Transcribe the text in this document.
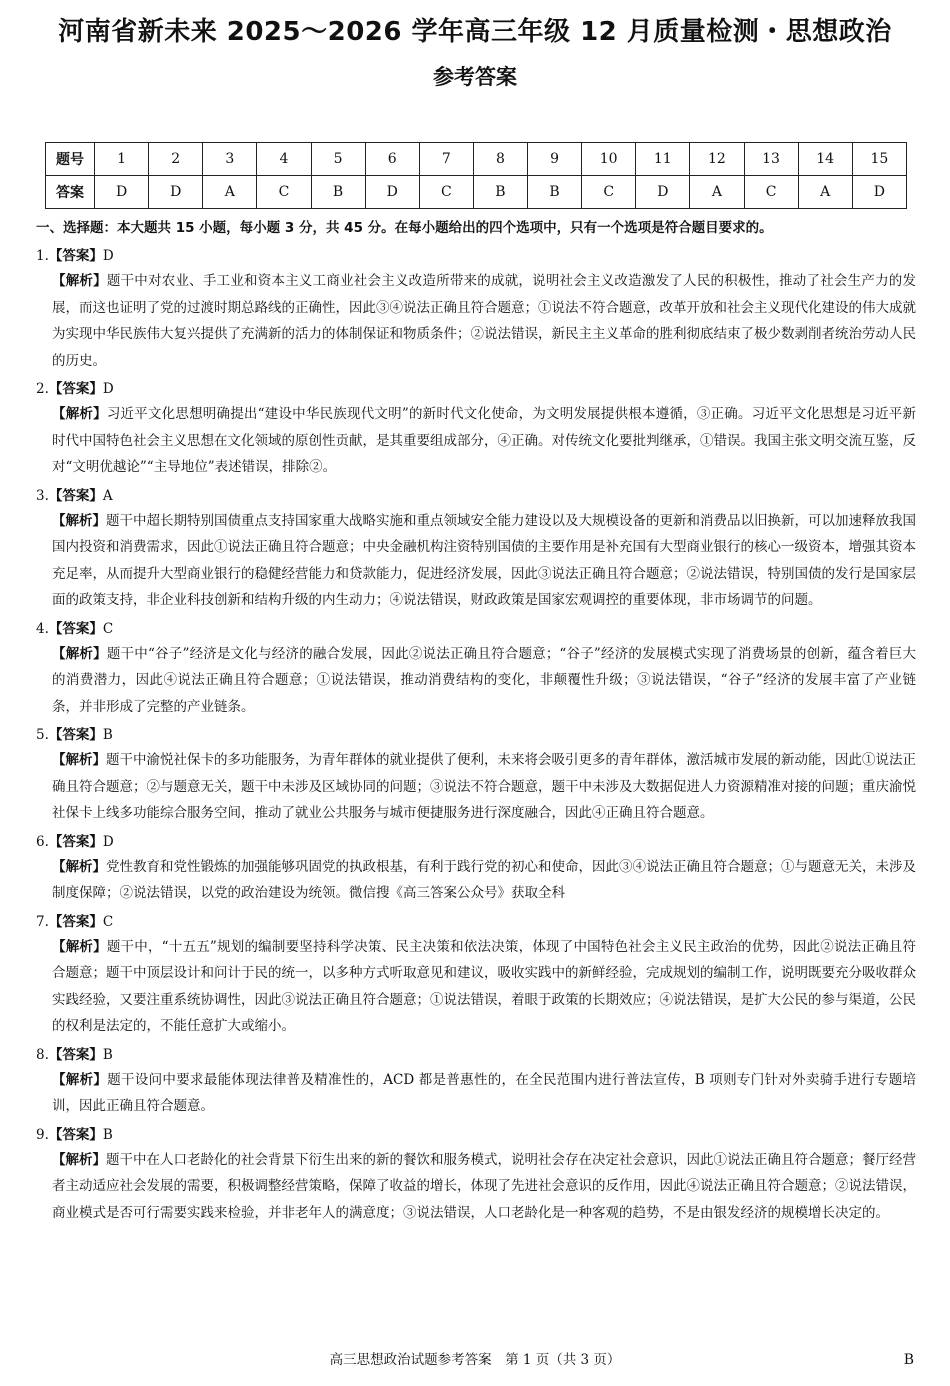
河南省新未来 2025～2026 学年高三年级 12 月质量检测・思想政治
参考答案
题号	1	2	3	4	5	6	7	8	9	10	11	12	13	14	15
答案	D	D	A	C	B	D	C	B	B	C	D	A	C	A	D
一、选择题：本大题共 15 小题，每小题 3 分，共 45 分。在每小题给出的四个选项中，只有一个选项是符合题目要求的。
1.【答案】D
【解析】题干中对农业、手工业和资本主义工商业社会主义改造所带来的成就，说明社会主义改造激发了人民的积极性，推动了社会生产力的发展，而这也证明了党的过渡时期总路线的正确性，因此③④说法正确且符合题意；①说法不符合题意，改革开放和社会主义现代化建设的伟大成就为实现中华民族伟大复兴提供了充满新的活力的体制保证和物质条件；②说法错误，新民主主义革命的胜利彻底结束了极少数剥削者统治劳动人民的历史。
2.【答案】D
【解析】习近平文化思想明确提出“建设中华民族现代文明”的新时代文化使命，为文明发展提供根本遵循，③正确。习近平文化思想是习近平新时代中国特色社会主义思想在文化领域的原创性贡献，是其重要组成部分，④正确。对传统文化要批判继承，①错误。我国主张文明交流互鉴，反对“文明优越论”“主导地位”表述错误，排除②。
3.【答案】A
【解析】题干中超长期特别国债重点支持国家重大战略实施和重点领域安全能力建设以及大规模设备的更新和消费品以旧换新，可以加速释放我国国内投资和消费需求，因此①说法正确且符合题意；中央金融机构注资特别国债的主要作用是补充国有大型商业银行的核心一级资本，增强其资本充足率，从而提升大型商业银行的稳健经营能力和贷款能力，促进经济发展，因此③说法正确且符合题意；②说法错误，特别国债的发行是国家层面的政策支持，非企业科技创新和结构升级的内生动力；④说法错误，财政政策是国家宏观调控的重要体现，非市场调节的问题。
4.【答案】C
【解析】题干中“谷子”经济是文化与经济的融合发展，因此②说法正确且符合题意；“谷子”经济的发展模式实现了消费场景的创新，蕴含着巨大的消费潜力，因此④说法正确且符合题意；①说法错误，推动消费结构的变化，非颠覆性升级；③说法错误，“谷子”经济的发展丰富了产业链条，并非形成了完整的产业链条。
5.【答案】B
【解析】题干中渝悦社保卡的多功能服务，为青年群体的就业提供了便利，未来将会吸引更多的青年群体，激活城市发展的新动能，因此①说法正确且符合题意；②与题意无关，题干中未涉及区域协同的问题；③说法不符合题意，题干中未涉及大数据促进人力资源精准对接的问题；重庆渝悦社保卡上线多功能综合服务空间，推动了就业公共服务与城市便捷服务进行深度融合，因此④正确且符合题意。
6.【答案】D
【解析】党性教育和党性锻炼的加强能够巩固党的执政根基，有利于践行党的初心和使命，因此③④说法正确且符合题意；①与题意无关，未涉及制度保障；②说法错误，以党的政治建设为统领。微信搜《高三答案公众号》获取全科
7.【答案】C
【解析】题干中，“十五五”规划的编制要坚持科学决策、民主决策和依法决策，体现了中国特色社会主义民主政治的优势，因此②说法正确且符合题意；题干中顶层设计和问计于民的统一，以多种方式听取意见和建议，吸收实践中的新鲜经验，完成规划的编制工作，说明既要充分吸收群众实践经验，又要注重系统协调性，因此③说法正确且符合题意；①说法错误，着眼于政策的长期效应；④说法错误，是扩大公民的参与渠道，公民的权利是法定的，不能任意扩大或缩小。
8.【答案】B
【解析】题干设问中要求最能体现法律普及精准性的，ACD 都是普惠性的，在全民范围内进行普法宣传，B 项则专门针对外卖骑手进行专题培训，因此正确且符合题意。
9.【答案】B
【解析】题干中在人口老龄化的社会背景下衍生出来的新的餐饮和服务模式，说明社会存在决定社会意识，因此①说法正确且符合题意；餐厅经营者主动适应社会发展的需要，积极调整经营策略，保障了收益的增长，体现了先进社会意识的反作用，因此④说法正确且符合题意；②说法错误，商业模式是否可行需要实践来检验，并非老年人的满意度；③说法错误，人口老龄化是一种客观的趋势，不是由银发经济的规模增长决定的。
高三思想政治试题参考答案　第 1 页（共 3 页）	B
